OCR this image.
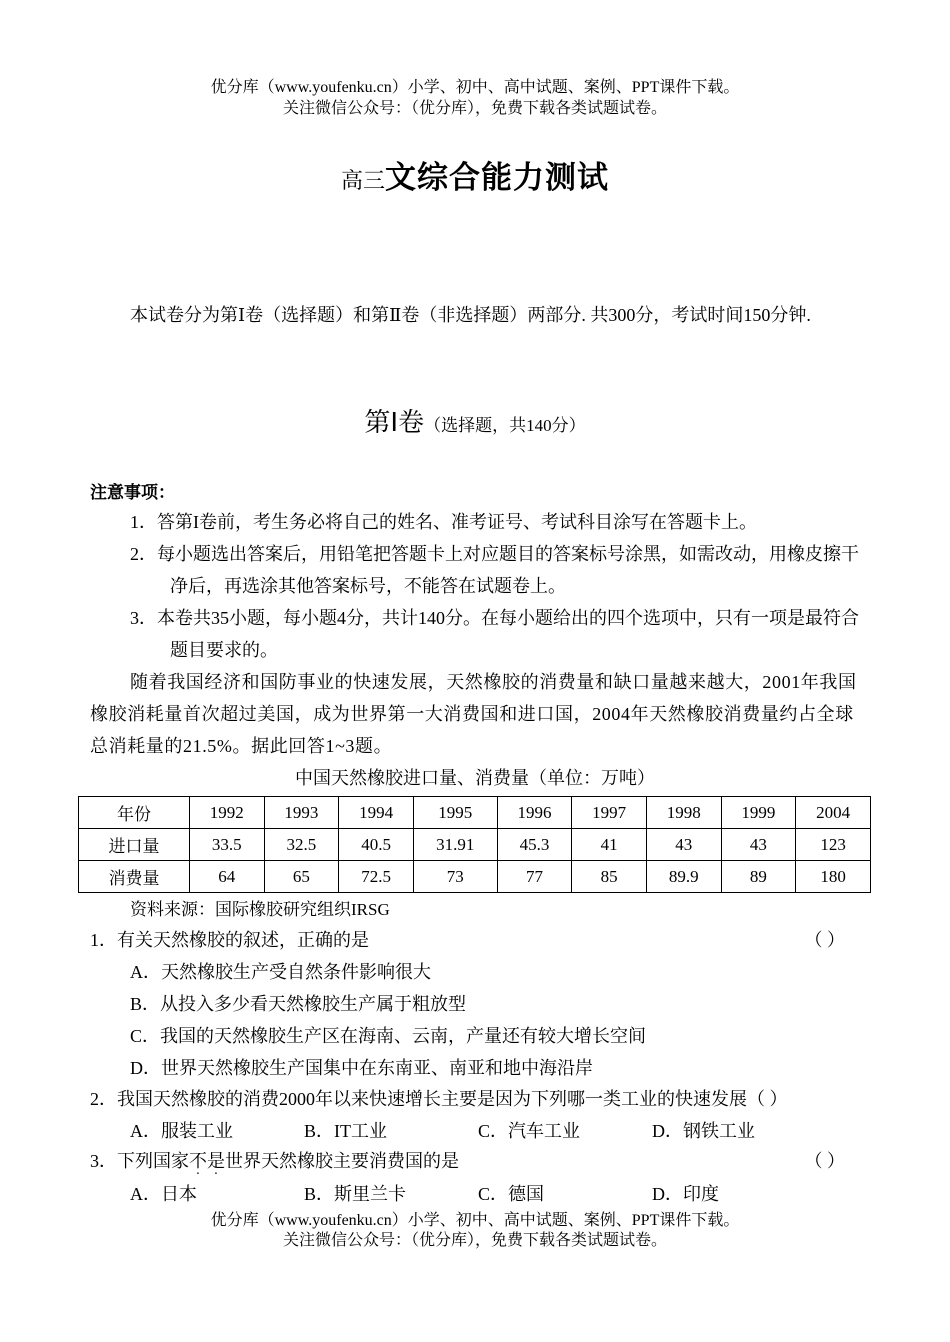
优分库（www.youfenku.cn）小学、初中、高中试题、案例、PPT课件下载。
关注微信公众号：（优分库），免费下载各类试题试卷。
高三文综合能力测试
本试卷分为第Ⅰ卷（选择题）和第Ⅱ卷（非选择题）两部分. 共300分，考试时间150分钟.
第Ⅰ卷（选择题，共140分）
注意事项：
1．答第I卷前，考生务必将自己的姓名、准考证号、考试科目涂写在答题卡上。
2．每小题选出答案后，用铅笔把答题卡上对应题目的答案标号涂黑，如需改动，用橡皮擦干净后，再选涂其他答案标号，不能答在试题卷上。
3．本卷共35小题，每小题4分，共计140分。在每小题给出的四个选项中，只有一项是最符合题目要求的。
随着我国经济和国防事业的快速发展，天然橡胶的消费量和缺口量越来越大，2001年我国橡胶消耗量首次超过美国，成为世界第一大消费国和进口国，2004年天然橡胶消费量约占全球总消耗量的21.5%。据此回答1~3题。
中国天然橡胶进口量、消费量（单位：万吨）
年份	1992	1993	1994	1995	1996	1997	1998	1999	2004
进口量	33.5	32.5	40.5	31.91	45.3	41	43	43	123
消费量	64	65	72.5	73	77	85	89.9	89	180
资料来源：国际橡胶研究组织IRSG
1．有关天然橡胶的叙述，正确的是	（ ）
A．天然橡胶生产受自然条件影响很大
B．从投入多少看天然橡胶生产属于粗放型
C．我国的天然橡胶生产区在海南、云南，产量还有较大增长空间
D．世界天然橡胶生产国集中在东南亚、南亚和地中海沿岸
2．我国天然橡胶的消费2000年以来快速增长主要是因为下列哪一类工业的快速发展（ ）
A．服装工业	B．IT工业	C．汽车工业	D．钢铁工业
3．下列国家不是世界天然橡胶主要消费国的是	（ ）
A．日本	B．斯里兰卡	C．德国	D．印度
优分库（www.youfenku.cn）小学、初中、高中试题、案例、PPT课件下载。
关注微信公众号：（优分库），免费下载各类试题试卷。
